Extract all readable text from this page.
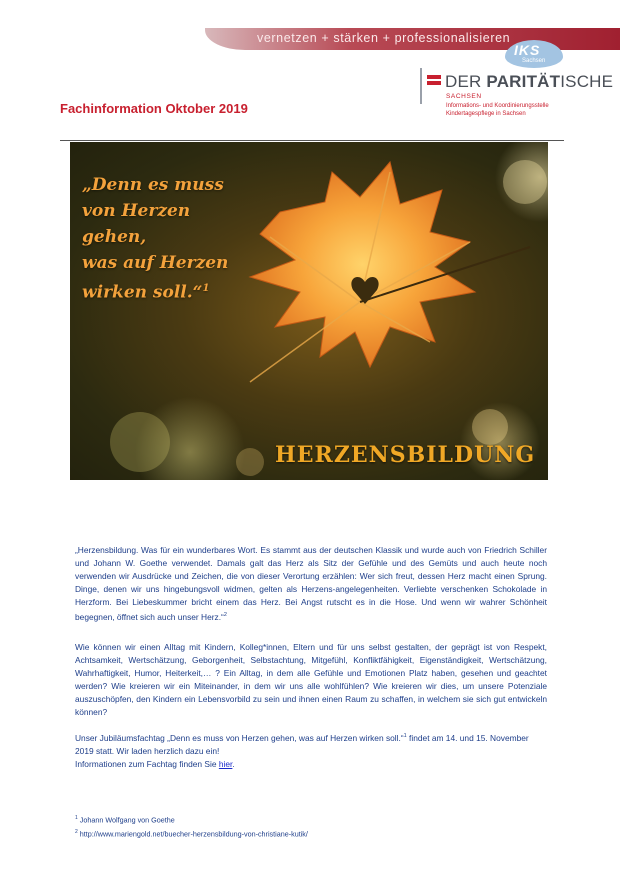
vernetzen + stärken + professionalisieren
IKS
Sachsen
DER PARITÄTISCHE
SACHSEN
Informations- und Koordinierungsstelle
Kindertagespflege in Sachsen
Fachinformation Oktober 2019
„Denn es muss
von Herzen
gehen,
was auf Herzen
wirken soll.“$^1$
HERZENSBILDUNG
„Herzensbildung. Was für ein wunderbares Wort. Es stammt aus der deutschen Klassik und wurde auch von Friedrich Schiller und Johann W. Goethe verwendet. Damals galt das Herz als Sitz der Gefühle und des Gemüts und auch heute noch verwenden wir Ausdrücke und Zeichen, die von dieser Verortung erzählen: Wer sich freut, dessen Herz macht einen Sprung. Dinge, denen wir uns hingebungsvoll widmen, gelten als Herzens-angelegenheiten. Verliebte verschenken Schokolade in Herzform. Bei Liebeskummer bricht einem das Herz. Bei Angst rutscht es in die Hose. Und wenn wir wahrer Schönheit begegnen, öffnet sich auch unser Herz.“$^2$
Wie können wir einen Alltag mit Kindern, Kolleg*innen, Eltern und für uns selbst gestalten, der geprägt ist von Respekt, Achtsamkeit, Wertschätzung, Geborgenheit, Selbstachtung, Mitgefühl, Konfliktfähigkeit, Eigenständigkeit, Wertschätzung, Wahrhaftigkeit, Humor, Heiterkeit,… ? Ein Alltag, in dem alle Gefühle und Emotionen Platz haben, gesehen und geachtet werden? Wie kreieren wir ein Miteinander, in dem wir uns alle wohlfühlen? Wie kreieren wir dies, um unsere Potenziale auszuschöpfen, den Kindern ein Lebensvorbild zu sein und ihnen einen Raum zu schaffen, in welchem sie sich gut entwickeln können?
Unser Jubiläumsfachtag „Denn es muss von Herzen gehen, was auf Herzen wirken soll.“$^1$ findet am 14. und 15. November 2019 statt. Wir laden herzlich dazu ein!
Informationen zum Fachtag finden Sie hier.
$^1$ Johann Wolfgang von Goethe
$^2$ http://www.mariengold.net/buecher-herzensbildung-von-christiane-kutik/
